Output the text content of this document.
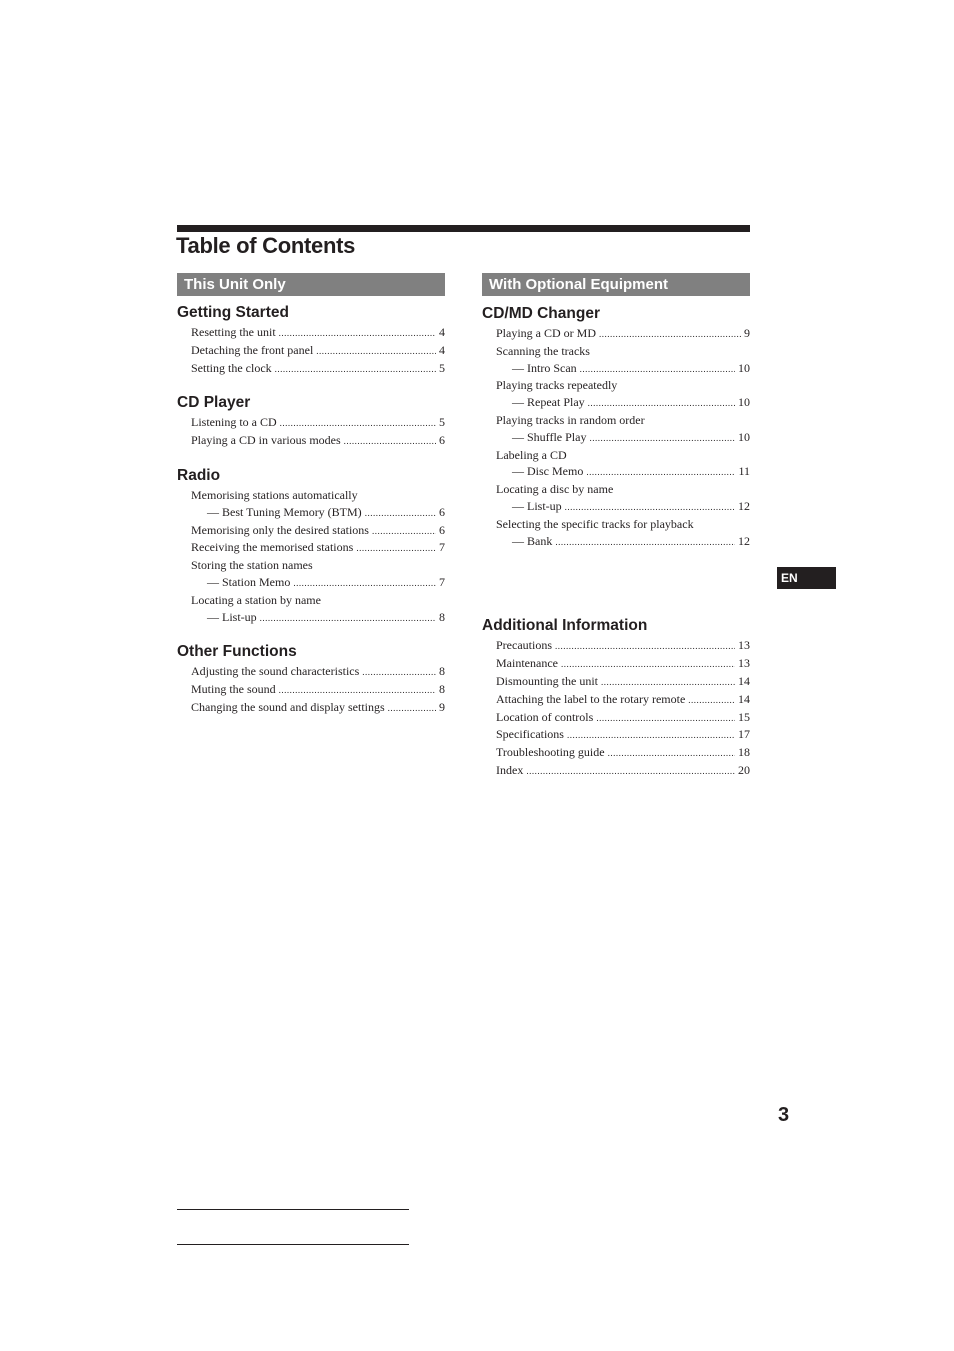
Table of Contents
This Unit Only
Getting Started
Resetting the unit .....	4
Detaching the front panel .....	4
Setting the clock .....	5
CD Player
Listening to a CD .....	5
Playing a CD in various modes .....	6
Radio
Memorising stations automatically
— Best Tuning Memory (BTM) .....	6
Memorising only the desired stations .....	6
Receiving the memorised stations .....	7
Storing the station names
— Station Memo .....	7
Locating a station by name
— List-up .....	8
Other Functions
Adjusting the sound characteristics .....	8
Muting the sound .....	8
Changing the sound and display settings .....	9
With Optional Equipment
CD/MD Changer
Playing a CD or MD .....	9
Scanning the tracks
— Intro Scan .....	10
Playing tracks repeatedly
— Repeat Play .....	10
Playing tracks in random order
— Shuffle Play .....	10
Labeling a CD
— Disc Memo .....	11
Locating a disc by name
— List-up .....	12
Selecting the specific tracks for playback
— Bank .....	12
Additional Information
Precautions .....	13
Maintenance .....	13
Dismounting the unit .....	14
Attaching the label to the rotary remote .....	14
Location of controls .....	15
Specifications .....	17
Troubleshooting guide .....	18
Index .....	20
EN
3
